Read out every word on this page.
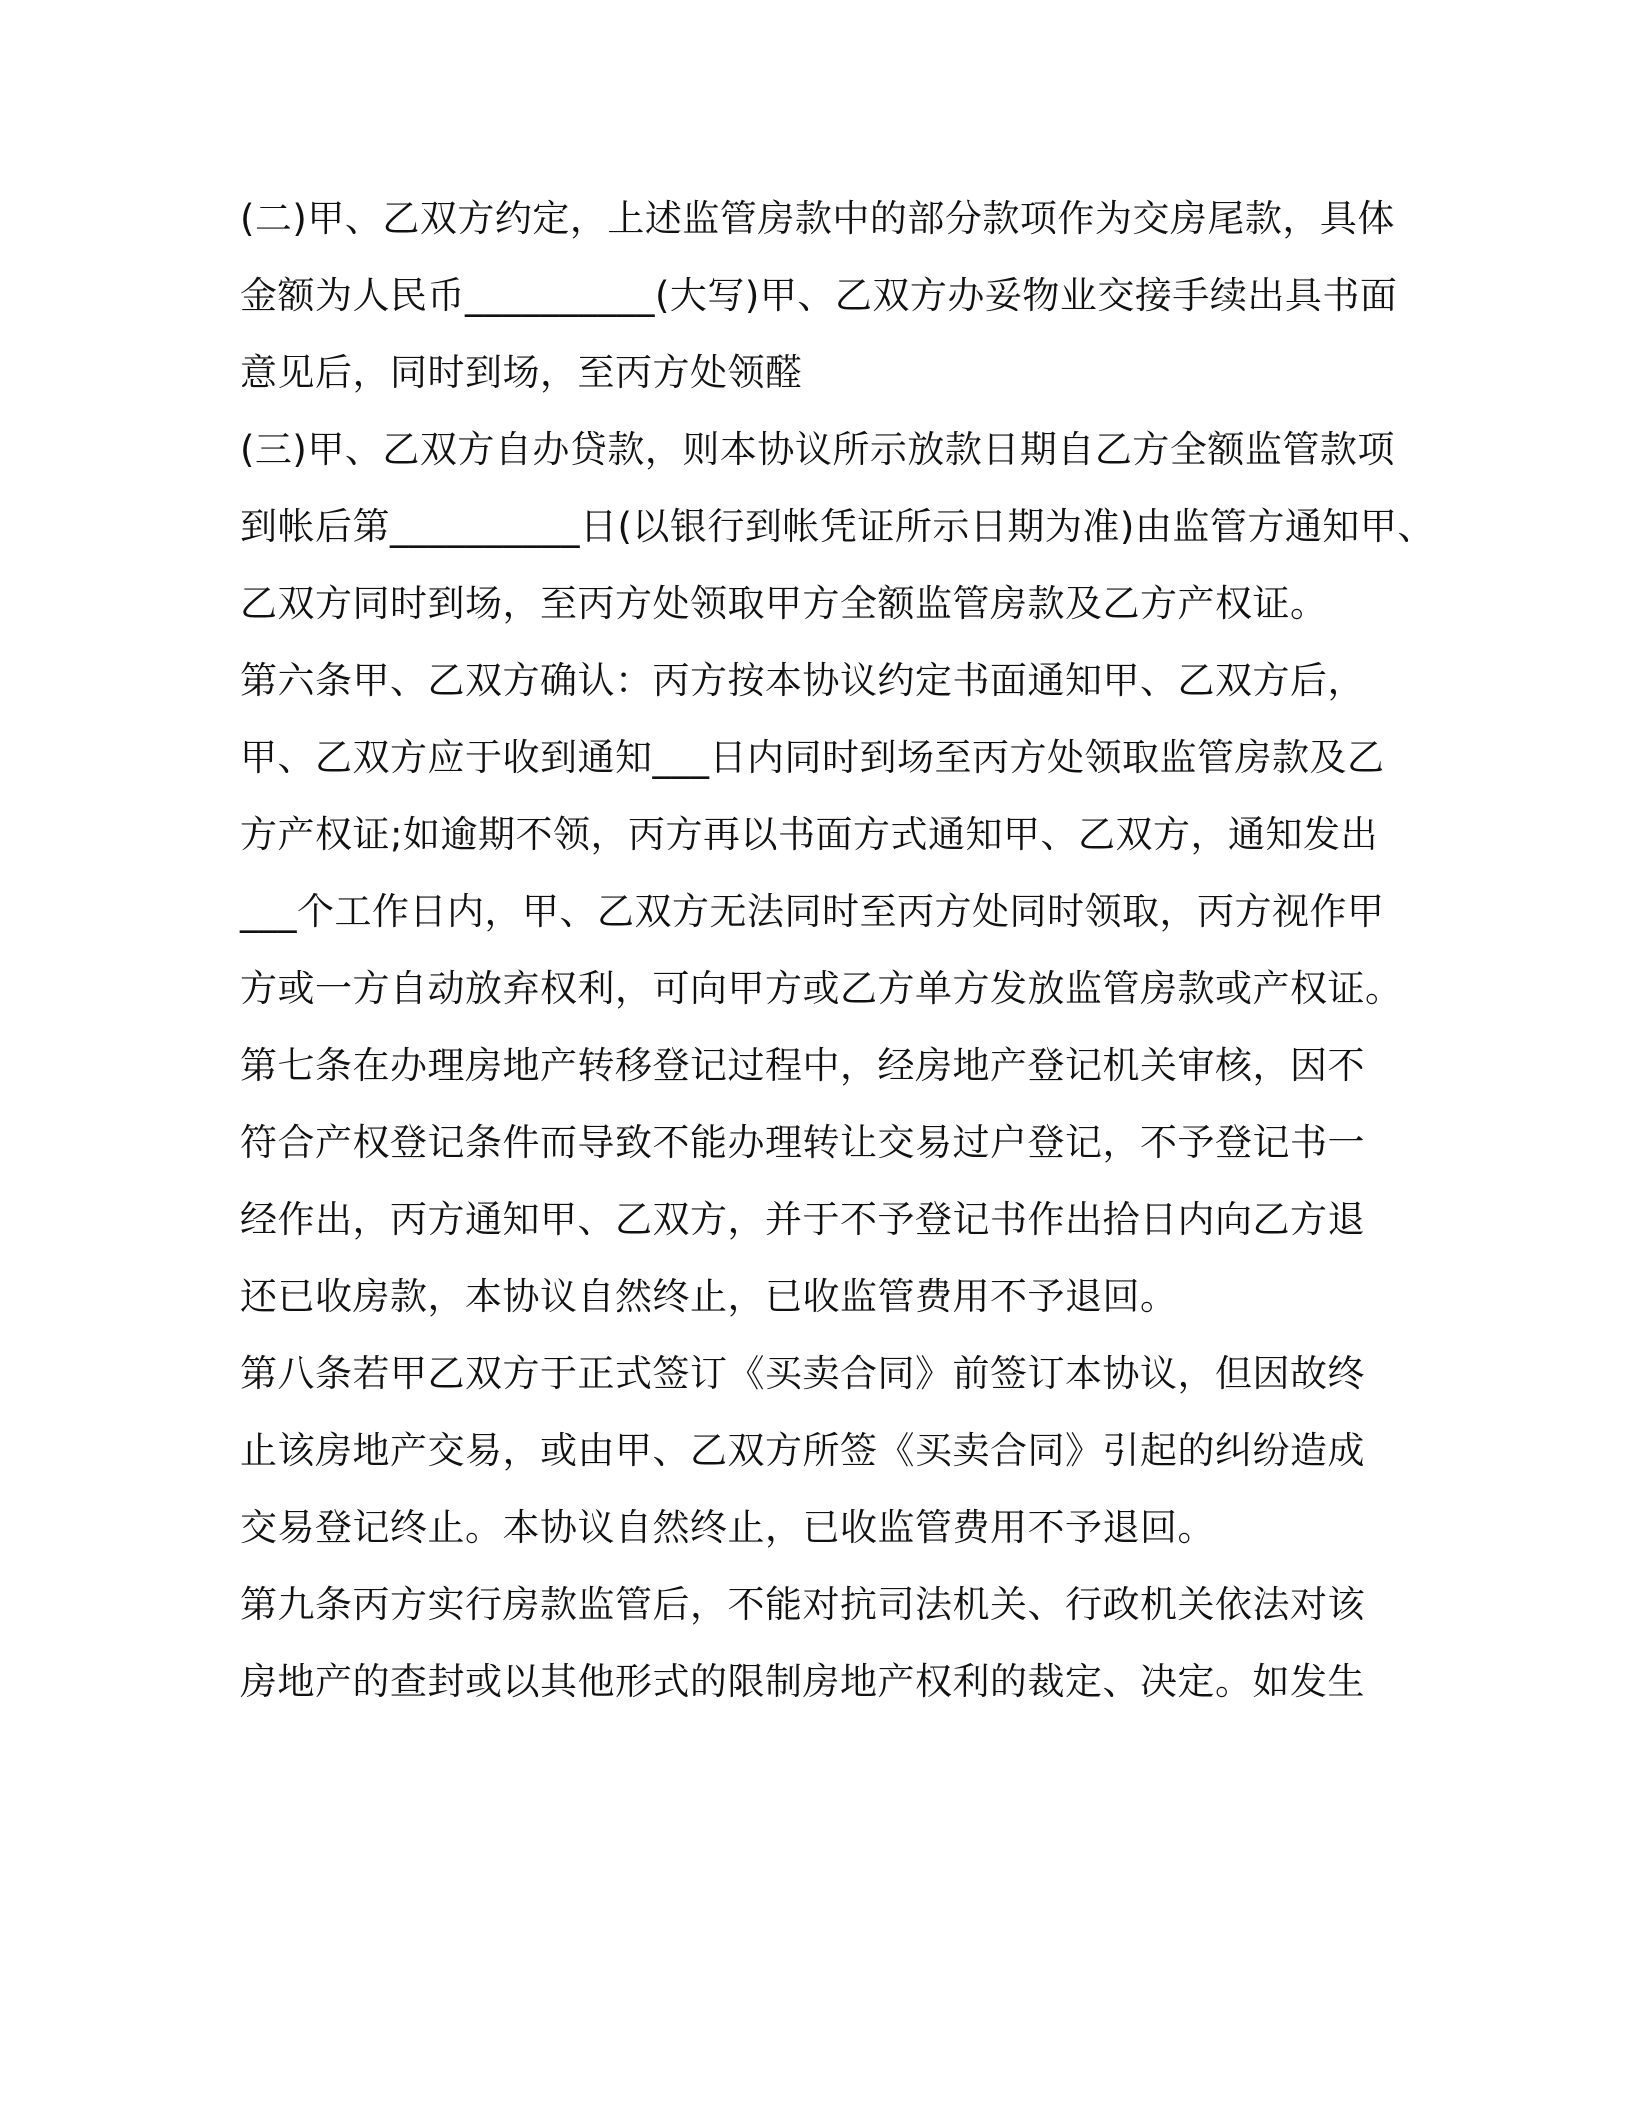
(二)甲、乙双方约定，上述监管房款中的部分款项作为交房尾款，具体
金额为人民币__________(大写)甲、乙双方办妥物业交接手续出具书面
意见后，同时到场，至丙方处领醛
(三)甲、乙双方自办贷款，则本协议所示放款日期自乙方全额监管款项
到帐后第__________日(以银行到帐凭证所示日期为准)由监管方通知甲、
乙双方同时到场，至丙方处领取甲方全额监管房款及乙方产权证。
第六条甲、乙双方确认：丙方按本协议约定书面通知甲、乙双方后，
甲、乙双方应于收到通知___日内同时到场至丙方处领取监管房款及乙
方产权证;如逾期不领，丙方再以书面方式通知甲、乙双方，通知发出
___个工作日内，甲、乙双方无法同时至丙方处同时领取，丙方视作甲
方或一方自动放弃权利，可向甲方或乙方单方发放监管房款或产权证。
第七条在办理房地产转移登记过程中，经房地产登记机关审核，因不
符合产权登记条件而导致不能办理转让交易过户登记，不予登记书一
经作出，丙方通知甲、乙双方，并于不予登记书作出拾日内向乙方退
还已收房款，本协议自然终止，已收监管费用不予退回。
第八条若甲乙双方于正式签订《买卖合同》前签订本协议，但因故终
止该房地产交易，或由甲、乙双方所签《买卖合同》引起的纠纷造成
交易登记终止。本协议自然终止，已收监管费用不予退回。
第九条丙方实行房款监管后，不能对抗司法机关、行政机关依法对该
房地产的查封或以其他形式的限制房地产权利的裁定、决定。如发生
